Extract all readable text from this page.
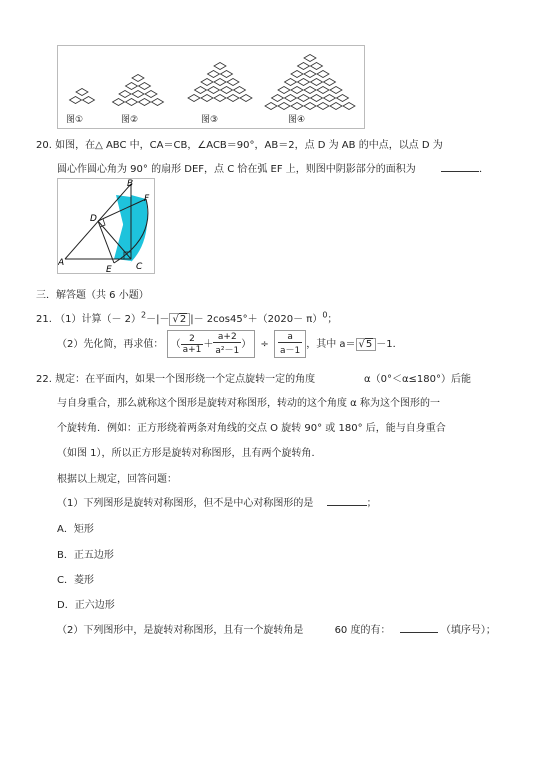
图①	图②	图③	图④
20. 如图，在△ ABC 中，CA＝CB，∠ACB＝90°，AB＝2，点 D 为 AB 的中点，以点 D 为
圆心作圆心角为 90° 的扇形 DEF，点 C 恰在弧 EF 上，则图中阴影部分的面积为	．
A
B
C
D
E
F
三．解答题（共 6 小题）
21. （1）计算（－ 2）$^2$－|－ √2 |－ $2\cos 45^\circ+(2020- \pi)^0$；
（2）先化简，再求值： （ $\frac{2}{a+1} + \frac{a+2}{\text{a²－1}}$ ） ÷ $\frac{a}{a-1}$ ，其中 a＝ √5 －1．
22. 规定：在平面内，如果一个图形绕一个定点旋转一定的角度	α（0°＜α≤180°）后能
与自身重合，那么就称这个图形是旋转对称图形，转动的这个角度 α 称为这个图形的一
个旋转角．例如：正方形绕着两条对角线的交点 O 旋转 90° 或 180° 后，能与自身重合
（如图 1），所以正方形是旋转对称图形，且有两个旋转角．
根据以上规定，回答问题：
（1）下列图形是旋转对称图形，但不是中心对称图形的是	；
A．矩形
B．正五边形
C．菱形
D．正六边形
（2）下列图形中，是旋转对称图形，且有一个旋转角是	60 度的有：	（填序号）；
